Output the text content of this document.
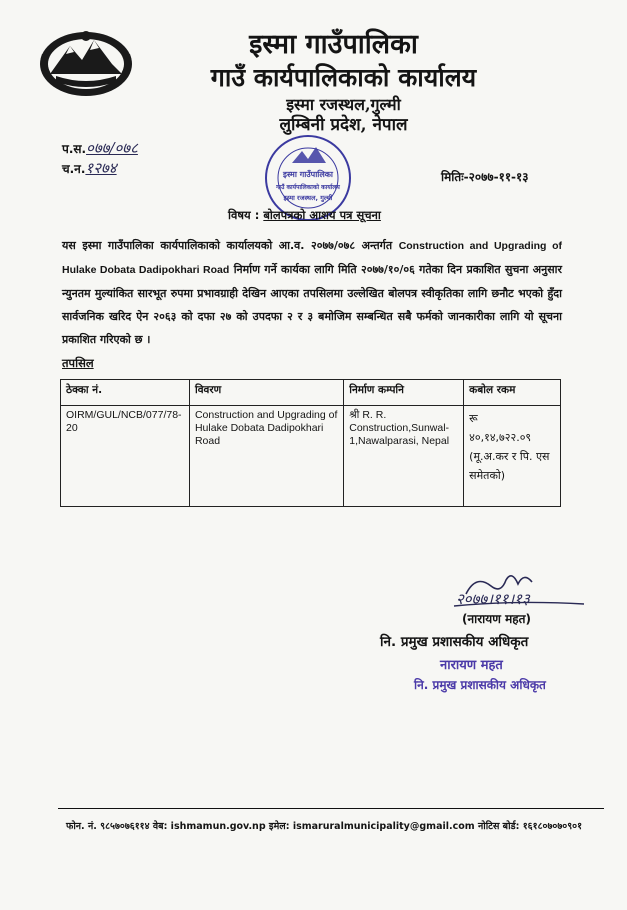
इस्मा गाउँपालिका
गाउँ कार्यपालिकाको कार्यालय
इस्मा रजस्थल,गुल्मी
लुम्बिनी प्रदेश, नेपाल
प.स.०७७/०७८
च.न.१२७४	इस्मा गाउँपालिका
गाउँ कार्यपालिकाको कार्यालय
इस्मा रजस्थल, गुल्मी
मितिः-२०७७-११-१३
विषय : बोलपत्रको आशय पत्र सूचना
यस इस्मा गाउँपालिका कार्यपालिकाको कार्यालयको आ.व. २०७७/०७८ अन्तर्गत Construction and Upgrading of Hulake Dobata Dadipokhari Road निर्माण गर्ने कार्यका लागि मिति २०७७/१०/०६ गतेका दिन प्रकाशित सुचना अनुसार न्युनतम मुल्यांकित सारभूत रुपमा प्रभावग्राही देखिन आएका तपसिलमा उल्लेखित बोलपत्र स्वीकृतिका लागि छनौट भएको हुँदा सार्वजनिक खरिद ऐन २०६३ को दफा २७ को उपदफा २ र ३ बमोजिम सम्बन्धित सबै फर्मको जानकारीका लागि यो सूचना प्रकाशित गरिएको छ ।
तपसिल
ठेक्का नं.	विवरण	निर्माण कम्पनि	कबोल रकम
OIRM/GUL/NCB/077/78-20	Construction and Upgrading of Hulake Dobata Dadipokhari Road	श्री R. R. Construction,Sunwal-1,Nawalparasi, Nepal	रू
४०,१४,७२२.०९
(मू.अ.कर र पि. एस समेतको)
२०७७।११।१३
(नारायण महत)
नि. प्रमुख प्रशासकीय अधिकृत
नारायण महत
नि. प्रमुख प्रशासकीय अधिकृत
फोन. नं. ९८५७०७६११४ वेब: ishmamun.gov.np इमेल: ismaruralmunicipality@gmail.com नोटिस बोर्ड: १६१८०७०७०९०१
